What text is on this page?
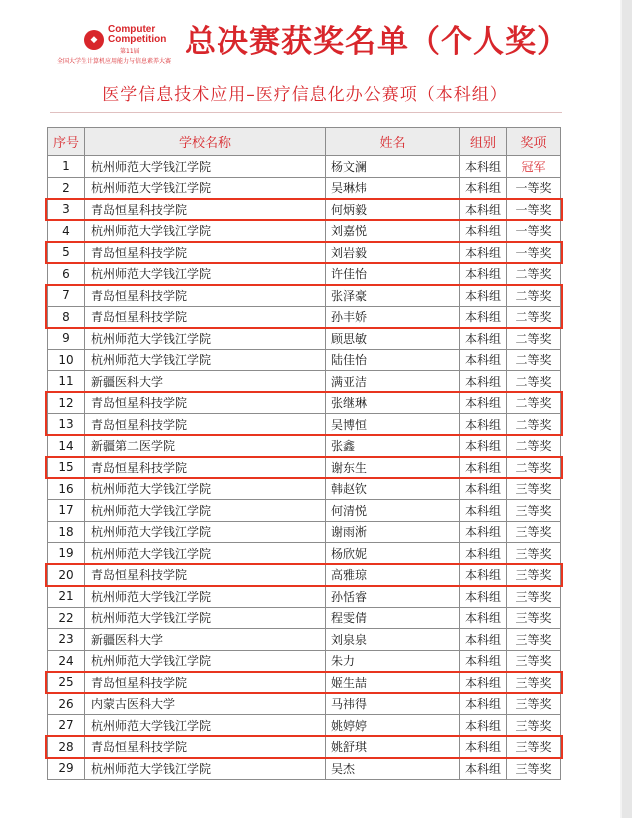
◆
Computer
Competition
第11届
全国大学生计算机应用能力与信息素养大赛
总决赛获奖名单（个人奖）
医学信息技术应用–医疗信息化办公赛项（本科组）
序号	学校名称	姓名	组别	奖项
1	杭州师范大学钱江学院	杨文澜	本科组	冠军
2	杭州师范大学钱江学院	吴琳炜	本科组	一等奖
3	青岛恒星科技学院	何炳毅	本科组	一等奖
4	杭州师范大学钱江学院	刘嘉悦	本科组	一等奖
5	青岛恒星科技学院	刘岩毅	本科组	一等奖
6	杭州师范大学钱江学院	许佳怡	本科组	二等奖
7	青岛恒星科技学院	张泽豪	本科组	二等奖
8	青岛恒星科技学院	孙丰娇	本科组	二等奖
9	杭州师范大学钱江学院	顾思敏	本科组	二等奖
10	杭州师范大学钱江学院	陆佳怡	本科组	二等奖
11	新疆医科大学	满亚洁	本科组	二等奖
12	青岛恒星科技学院	张继琳	本科组	二等奖
13	青岛恒星科技学院	吴博恒	本科组	二等奖
14	新疆第二医学院	张鑫	本科组	二等奖
15	青岛恒星科技学院	谢东生	本科组	二等奖
16	杭州师范大学钱江学院	韩赵钦	本科组	三等奖
17	杭州师范大学钱江学院	何清悦	本科组	三等奖
18	杭州师范大学钱江学院	谢雨淅	本科组	三等奖
19	杭州师范大学钱江学院	杨欣妮	本科组	三等奖
20	青岛恒星科技学院	高雅琼	本科组	三等奖
21	杭州师范大学钱江学院	孙恬睿	本科组	三等奖
22	杭州师范大学钱江学院	程雯倩	本科组	三等奖
23	新疆医科大学	刘泉泉	本科组	三等奖
24	杭州师范大学钱江学院	朱力	本科组	三等奖
25	青岛恒星科技学院	姬生喆	本科组	三等奖
26	内蒙古医科大学	马祎得	本科组	三等奖
27	杭州师范大学钱江学院	姚婷婷	本科组	三等奖
28	青岛恒星科技学院	姚舒琪	本科组	三等奖
29	杭州师范大学钱江学院	吴杰	本科组	三等奖
